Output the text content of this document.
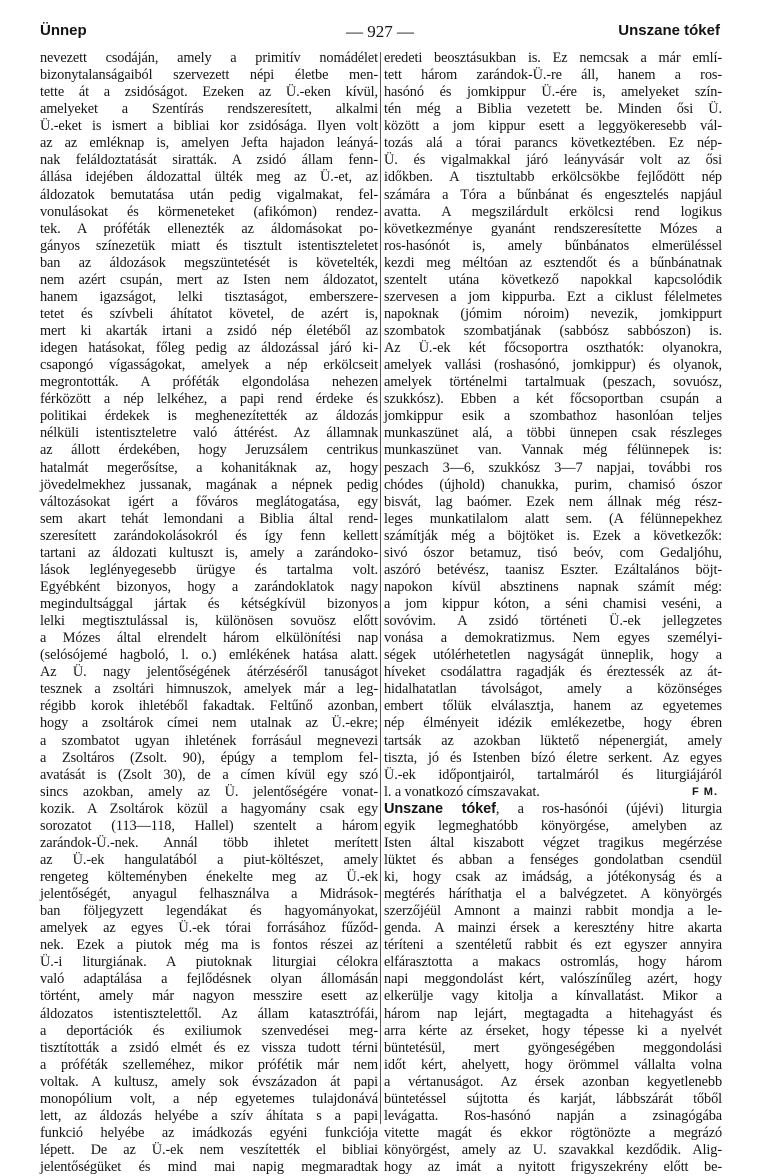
Ünnep	— 927 —	Unszane tókef
nevezett csodáján, amely a primitív nomádélet
bizonytalanságaiból szervezett népi életbe men-
tette át a zsidóságot. Ezeken az Ü.-eken kívül,
amelyeket a Szentírás rendszeresített, alkalmi
Ü.-eket is ismert a bibliai kor zsidósága. Ilyen volt
az az emléknap is, amelyen Jefta hajadon leányá-
nak feláldoztatását siratták. A zsidó állam fenn-
állása idejében áldozattal ülték meg az Ü.-et, az
áldozatok bemutatása után pedig vigalmakat, fel-
vonulásokat és körmeneteket (afikómon) rendez-
tek. A próféták ellenezték az áldomásokat po-
gányos színezetük miatt és tisztult istentiszteletet
ban az áldozások megszüntetését is követelték,
nem azért csupán, mert az Isten nem áldozatot,
hanem igazságot, lelki tisztaságot, emberszere-
tetet és szívbeli áhítatot követel, de azért is,
mert ki akarták irtani a zsidó nép életéből az
idegen hatásokat, főleg pedig az áldozással járó ki-
csapongó vígasságokat, amelyek a nép erkölcseit
megrontották. A próféták elgondolása nehezen
férközött a nép lelkéhez, a papi rend érdeke és
politikai érdekek is meghenezítették az áldozás
nélküli istentiszteletre való áttérést. Az államnak
az állott érdekében, hogy Jeruzsálem centrikus
hatalmát megerősítse, a kohanitáknak az, hogy
jövedelmekhez jussanak, magának a népnek pedig
változásokat igért a főváros meglátogatása, egy
sem akart tehát lemondani a Biblia által rend-
szeresített zarándokolásokról és így fenn kellett
tartani az áldozati kultuszt is, amely a zarándoko-
lások leglényegesebb ürügye és tartalma volt.
Egyébként bizonyos, hogy a zarándoklatok nagy
megindultsággal jártak és kétségkívül bizonyos
lelki megtisztulással is, különösen sovuösz előtt
a Mózes által elrendelt három elkülönítési nap
(selósójemé hagboló, l. o.) emlékének hatása alatt.
Az Ü. nagy jelentőségének átérzéséről tanuságot
tesznek a zsoltári himnuszok, amelyek már a leg-
régibb korok ihletéből fakadtak. Feltűnő azonban,
hogy a zsoltárok címei nem utalnak az Ü.-ekre;
a szombatot ugyan ihletének forrásául megnevezi
a Zsoltáros (Zsolt. 90), épúgy a templom fel-
avatását is (Zsolt 30), de a címen kívül egy szó
sincs azokban, amely az Ü. jelentőségére vonat-
kozik. A Zsoltárok közül a hagyomány csak egy
sorozatot (113—118, Hallel) szentelt a három
zarándok-Ü.-nek. Annál több ihletet merített
az Ü.-ek hangulatából a piut-költészet, amely
rengeteg költeményben énekelte meg az Ü.-ek
jelentőségét, anyagul felhasználva a Midrások-
ban följegyzett legendákat és hagyományokat,
amelyek az egyes Ü.-ek tórai forrásához fűződ-
nek. Ezek a piutok még ma is fontos részei az
Ü.-i liturgiának. A piutoknak liturgiai célokra
való adaptálása a fejlődésnek olyan állomásán
történt, amely már nagyon messzire esett az
áldozatos istentisztelettől. Az állam katasztrófái,
a deportációk és exiliumok szenvedései meg-
tisztították a zsidó elmét és ez vissza tudott térni
a próféták szelleméhez, mikor prófétik már nem
voltak. A kultusz, amely sok évszázadon át papi
monopólium volt, a nép egyetemes tulajdonává
lett, az áldozás helyébe a szív áhítata s a papi
funkció helyébe az imádkozás egyéni funkciója
lépett. De az Ü.-ek nem veszítették el bibliai
jelentőségüket és mind mai napig megmaradtak
eredeti beosztásukban is. Ez nemcsak a már emlí-
tett három zarándok-Ü.-re áll, hanem a ros-
hasónó és jomkippur Ü.-ére is, amelyeket szín-
tén még a Biblia vezetett be. Minden ősi Ü.
között a jom kippur esett a leggyökeresebb vál-
tozás alá a tórai parancs következtében. Ez nép-
Ü. és vigalmakkal járó leányvásár volt az ősi
időkben. A tisztultabb erkölcsökbe fejlődött nép
számára a Tóra a bűnbánat és engesztelés napjául
avatta. A megszilárdult erkölcsi rend logikus
következménye gyanánt rendszeresítette Mózes a
ros-hasónót is, amely bűnbánatos elmerüléssel
kezdi meg méltóan az esztendőt és a bűnbánatnak
szentelt utána következő napokkal kapcsolódik
szervesen a jom kippurba. Ezt a ciklust félelmetes
napoknak (jómim nóroim) nevezik, jomkippurt
szombatok szombatjának (sabbósz sabbószon) is.
Az Ü.-ek két főcsoportra oszthatók: olyanokra,
amelyek vallási (roshasónó, jomkippur) és olyanok,
amelyek történelmi tartalmuak (peszach, sovuósz,
szukkósz). Ebben a két főcsoportban csupán a
jomkippur esik a szombathoz hasonlóan teljes
munkaszünet alá, a többi ünnepen csak részleges
munkaszünet van. Vannak még félünnepek is:
peszach 3—6, szukkósz 3—7 napjai, további ros
chódes (újhold) chanukka, purim, chamisó ószor
bisvát, lag baómer. Ezek nem állnak még rész-
leges munkatilalom alatt sem. (A félünnepekhez
számítják még a böjtöket is. Ezek a következők:
sivó ószor betamuz, tisó beóv, com Gedaljóhu,
aszóró betévész, taanisz Eszter. Ezáltalános böjt-
napokon kívül absztinens napnak számít még:
a jom kippur kóton, a séni chamisi veséni, a
sovóvim. A zsidó történeti Ü.-ek jellegzetes
vonása a demokratizmus. Nem egyes személyi-
ségek utólérhetetlen nagyságát ünneplik, hogy a
híveket csodálattra ragadják és éreztessék az át-
hidalhatatlan távolságot, amely a közönséges
embert tőlük elválasztja, hanem az egyetemes
nép élményeit idézik emlékezetbe, hogy ébren
tartsák az azokban lüktető népenergiát, amely
tiszta, jó és Istenben bízó életre serkent. Az egyes
Ü.-ek időpontjairól, tartalmáról és liturgiájáról
l. a vonatkozó címszavakat.	F M.
Unszane tókef, a ros-hasónói (újévi) liturgia
egyik legmeghatóbb könyörgése, amelyben az
Isten által kiszabott végzet tragikus megérzése
lüktet és abban a fenséges gondolatban csendül
ki, hogy csak az imádság, a jótékonyság és a
megtérés háríthatja el a balvégzetet. A könyörgés
szerzőjéül Amnont a mainzi rabbit mondja a le-
genda. A mainzi érsek a keresztény hitre akarta
téríteni a szentéletű rabbit és ezt egyszer annyira
elfárasztotta a makacs ostromlás, hogy három
napi meggondolást kért, valószínűleg azért, hogy
elkerülje vagy kitolja a kínvallatást. Mikor a
három nap lejárt, megtagadta a hitehagyást és
arra kérte az érseket, hogy tépesse ki a nyelvét
büntetésül, mert gyöngeségében meggondolási
időt kért, ahelyett, hogy örömmel vállalta volna
a vértanuságot. Az érsek azonban kegyetlenebb
büntetéssel sújtotta és karját, lábbszárát tőből
levágatta. Ros-hasónó napján a zsinagógába
vitette magát és ekkor rögtönözte a megrázó
könyörgést, amely az U. szavakkal kezdődik. Alig-
hogy az imát a nyitott frigyszekrény előtt be-
